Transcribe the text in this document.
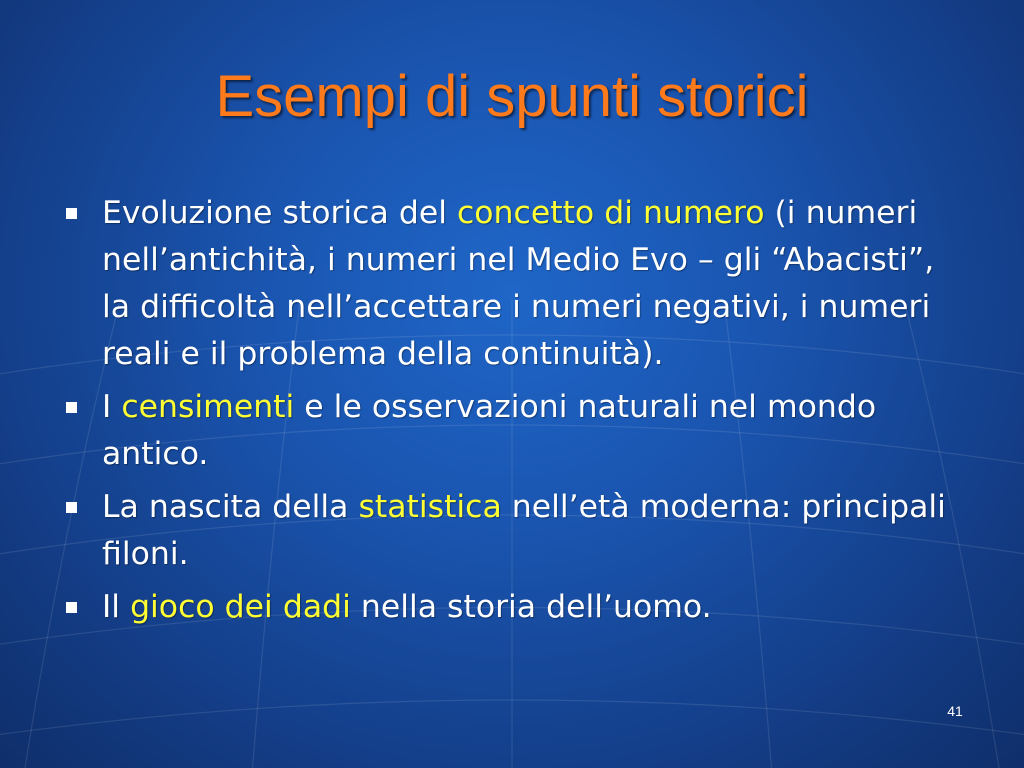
Esempi di spunti storici
Evoluzione storica del concetto di numero (i numeri nell’antichità, i numeri nel Medio Evo – gli “Abacisti”, la difficoltà nell’accettare i numeri negativi, i numeri reali e il problema della continuità).
I censimenti e le osservazioni naturali nel mondo antico.
La nascita della statistica nell’età moderna: principali filoni.
Il gioco dei dadi nella storia dell’uomo.
41
